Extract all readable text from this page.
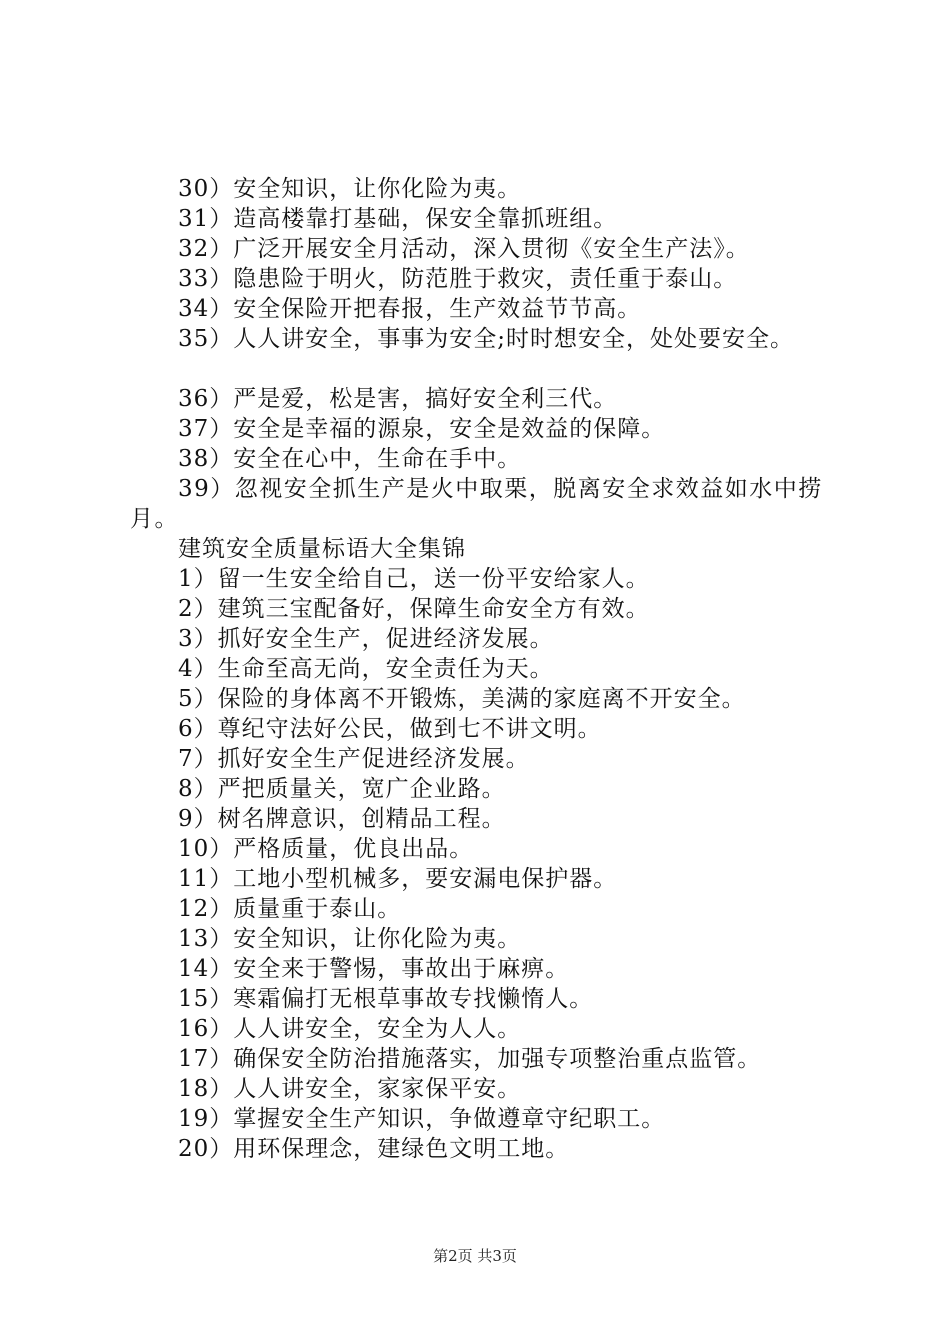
30）安全知识，让你化险为夷。
31）造高楼靠打基础，保安全靠抓班组。
32）广泛开展安全月活动，深入贯彻《安全生产法》。
33）隐患险于明火，防范胜于救灾，责任重于泰山。
34）安全保险开把春报，生产效益节节高。
35）人人讲安全，事事为安全;时时想安全，处处要安全。
36）严是爱，松是害，搞好安全利三代。
37）安全是幸福的源泉，安全是效益的保障。
38）安全在心中，生命在手中。
39）忽视安全抓生产是火中取栗，脱离安全求效益如水中捞月。
建筑安全质量标语大全集锦
1）留一生安全给自己，送一份平安给家人。
2）建筑三宝配备好，保障生命安全方有效。
3）抓好安全生产，促进经济发展。
4）生命至高无尚，安全责任为天。
5）保险的身体离不开锻炼，美满的家庭离不开安全。
6）尊纪守法好公民，做到七不讲文明。
7）抓好安全生产促进经济发展。
8）严把质量关，宽广企业路。
9）树名牌意识，创精品工程。
10）严格质量，优良出品。
11）工地小型机械多，要安漏电保护器。
12）质量重于泰山。
13）安全知识，让你化险为夷。
14）安全来于警惕，事故出于麻痹。
15）寒霜偏打无根草事故专找懒惰人。
16）人人讲安全，安全为人人。
17）确保安全防治措施落实，加强专项整治重点监管。
18）人人讲安全，家家保平安。
19）掌握安全生产知识，争做遵章守纪职工。
20）用环保理念，建绿色文明工地。
第2页 共3页
